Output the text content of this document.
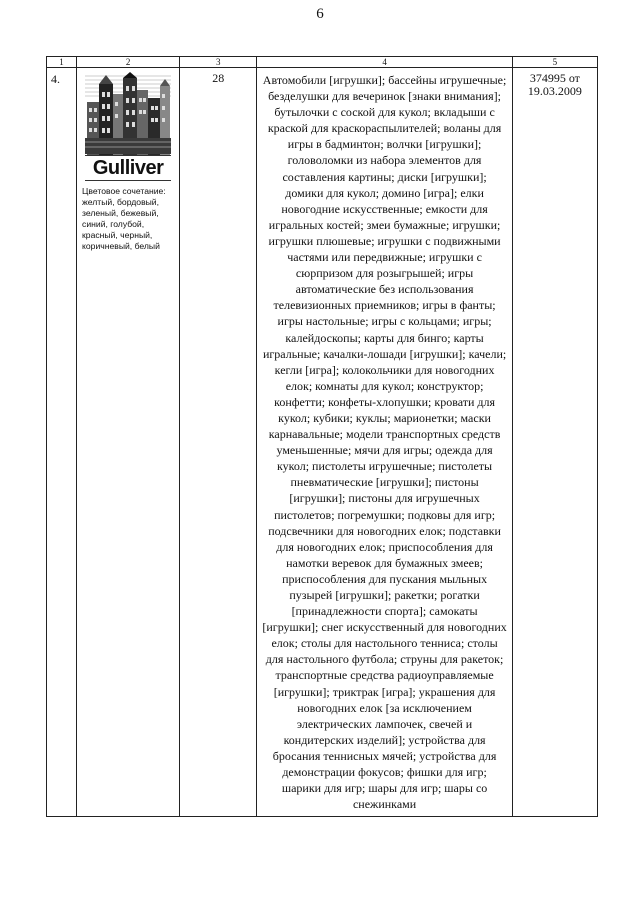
6
1	2	3	4	5
4.	Gulliver
Цветовое сочетание: желтый, бордовый, зеленый, бежевый, синий, голубой, красный, черный, коричневый, белый	28	Автомобили [игрушки]; бассейны игрушечные; безделушки для вечеринок [знаки внимания]; бутылочки с соской для кукол; вкладыши с краской для краскораспылителей; воланы для игры в бадминтон; волчки [игрушки]; головоломки из набора элементов для составления картины; диски [игрушки]; домики для кукол; домино [игра]; елки новогодние искусственные; емкости для игральных костей; змеи бумажные; игрушки; игрушки плюшевые; игрушки с подвижными частями или передвижные; игрушки с сюрпризом для розыгрышей; игры автоматические без использования телевизионных приемников; игры в фанты; игры настольные; игры с кольцами; игры; калейдоскопы; карты для бинго; карты игральные; качалки-лошади [игрушки]; качели; кегли [игра]; колокольчики для новогодних елок; комнаты для кукол; конструктор; конфетти; конфеты-хлопушки; кровати для кукол; кубики; куклы; марионетки; маски карнавальные; модели транспортных средств уменьшенные; мячи для игры; одежда для кукол; пистолеты игрушечные; пистолеты пневматические [игрушки]; пистоны [игрушки]; пистоны для игрушечных пистолетов; погремушки; подковы для игр; подсвечники для новогодних елок; подставки для новогодних елок; приспособления для намотки веревок для бумажных змеев; приспособления для пускания мыльных пузырей [игрушки]; ракетки; рогатки [принадлежности спорта]; самокаты [игрушки]; снег искусственный для новогодних елок; столы для настольного тенниса; столы для настольного футбола; струны для ракеток; транспортные средства радиоуправляемые [игрушки]; триктрак [игра]; украшения для новогодних елок [за исключением электрических лампочек, свечей и кондитерских изделий]; устройства для бросания теннисных мячей; устройства для демонстрации фокусов; фишки для игр; шарики для игр; шары для игр; шары со снежинками	374995 от 19.03.2009
